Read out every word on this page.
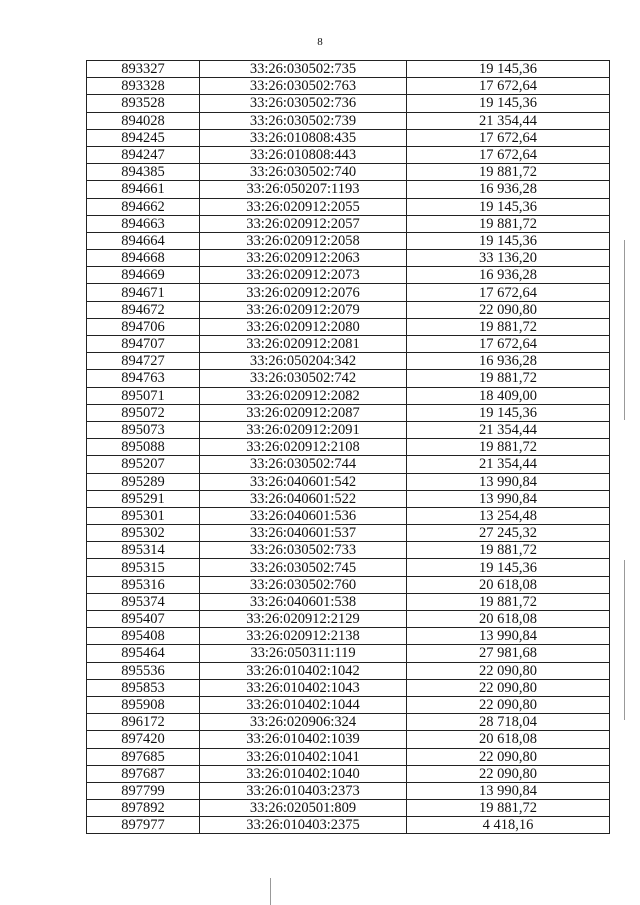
8
893327	33:26:030502:735	19 145,36
893328	33:26:030502:763	17 672,64
893528	33:26:030502:736	19 145,36
894028	33:26:030502:739	21 354,44
894245	33:26:010808:435	17 672,64
894247	33:26:010808:443	17 672,64
894385	33:26:030502:740	19 881,72
894661	33:26:050207:1193	16 936,28
894662	33:26:020912:2055	19 145,36
894663	33:26:020912:2057	19 881,72
894664	33:26:020912:2058	19 145,36
894668	33:26:020912:2063	33 136,20
894669	33:26:020912:2073	16 936,28
894671	33:26:020912:2076	17 672,64
894672	33:26:020912:2079	22 090,80
894706	33:26:020912:2080	19 881,72
894707	33:26:020912:2081	17 672,64
894727	33:26:050204:342	16 936,28
894763	33:26:030502:742	19 881,72
895071	33:26:020912:2082	18 409,00
895072	33:26:020912:2087	19 145,36
895073	33:26:020912:2091	21 354,44
895088	33:26:020912:2108	19 881,72
895207	33:26:030502:744	21 354,44
895289	33:26:040601:542	13 990,84
895291	33:26:040601:522	13 990,84
895301	33:26:040601:536	13 254,48
895302	33:26:040601:537	27 245,32
895314	33:26:030502:733	19 881,72
895315	33:26:030502:745	19 145,36
895316	33:26:030502:760	20 618,08
895374	33:26:040601:538	19 881,72
895407	33:26:020912:2129	20 618,08
895408	33:26:020912:2138	13 990,84
895464	33:26:050311:119	27 981,68
895536	33:26:010402:1042	22 090,80
895853	33:26:010402:1043	22 090,80
895908	33:26:010402:1044	22 090,80
896172	33:26:020906:324	28 718,04
897420	33:26:010402:1039	20 618,08
897685	33:26:010402:1041	22 090,80
897687	33:26:010402:1040	22 090,80
897799	33:26:010403:2373	13 990,84
897892	33:26:020501:809	19 881,72
897977	33:26:010403:2375	4 418,16
